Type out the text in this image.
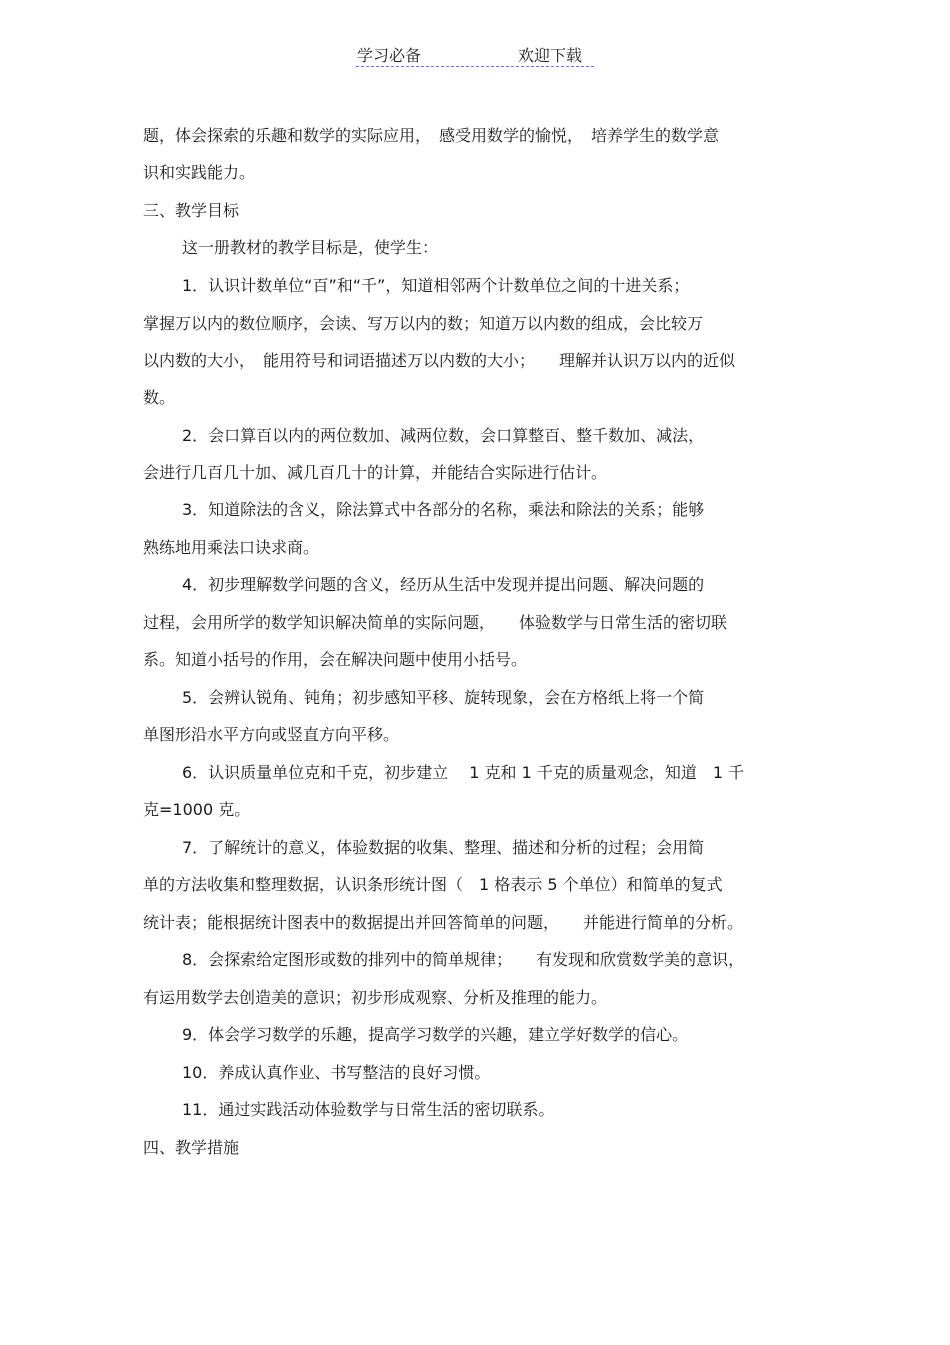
学习必备	欢迎下载
题，体会探索的乐趣和数学的实际应用，　感受用数学的愉悦，　培养学生的数学意
识和实践能力。
三、教学目标
这一册教材的教学目标是，使学生：
1．认识计数单位“百”和“千”，知道相邻两个计数单位之间的十进关系；
掌握万以内的数位顺序，会读、写万以内的数；知道万以内数的组成，会比较万
以内数的大小，　能用符号和词语描述万以内数的大小；　　理解并认识万以内的近似
数。
2．会口算百以内的两位数加、减两位数，会口算整百、整千数加、减法，
会进行几百几十加、减几百几十的计算，并能结合实际进行估计。
3．知道除法的含义，除法算式中各部分的名称，乘法和除法的关系；能够
熟练地用乘法口诀求商。
4．初步理解数学问题的含义，经历从生活中发现并提出问题、解决问题的
过程，会用所学的数学知识解决简单的实际问题，　　体验数学与日常生活的密切联
系。知道小括号的作用，会在解决问题中使用小括号。
5．会辨认锐角、钝角；初步感知平移、旋转现象，会在方格纸上将一个简
单图形沿水平方向或竖直方向平移。
6．认识质量单位克和千克，初步建立　 1 克和 1 千克的质量观念，知道　1 千
克=1000 克。
7．了解统计的意义，体验数据的收集、整理、描述和分析的过程；会用简
单的方法收集和整理数据，认识条形统计图（　1 格表示 5 个单位）和简单的复式
统计表；能根据统计图表中的数据提出并回答简单的问题，　　并能进行简单的分析。
8．会探索给定图形或数的排列中的简单规律；　　有发现和欣赏数学美的意识，
有运用数学去创造美的意识；初步形成观察、分析及推理的能力。
9．体会学习数学的乐趣，提高学习数学的兴趣，建立学好数学的信心。
10．养成认真作业、书写整洁的良好习惯。
11．通过实践活动体验数学与日常生活的密切联系。
四、教学措施
